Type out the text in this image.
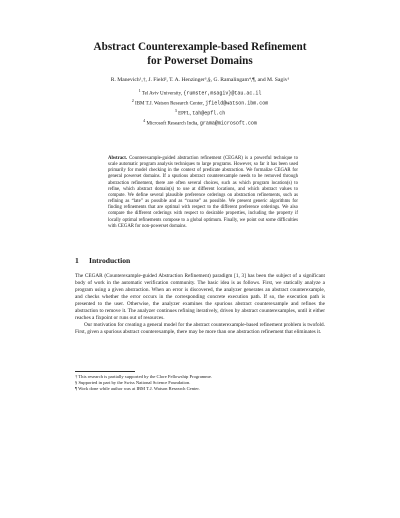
Abstract Counterexample-based Refinement
for Powerset Domains
R. Manevich¹,†, J. Field², T. A. Henzinger³,§, G. Ramalingam⁴,¶, and M. Sagiv¹
$^1$ Tel Aviv University, {rumster,msagiv}@tau.ac.il
$^2$ IBM T.J. Watson Research Center, jfield@watson.ibm.com
$^3$ EPFL, tah@epfl.ch
$^4$ Microsoft Research India, grama@microsoft.com
Abstract. Counterexample-guided abstraction refinement (CEGAR) is a powerful technique to scale automatic program analysis techniques to large programs. However, so far it has been used primarily for model checking in the context of predicate abstraction. We formalize CEGAR for general powerset domains. If a spurious abstract counterexample needs to be removed through abstraction refinement, there are often several choices, such as which program location(s) to refine, which abstract domain(s) to use at different locations, and which abstract values to compute. We define several plausible preference orderings on abstraction refinements, such as refining as “late” as possible and as “coarse” as possible. We present generic algorithms for finding refinements that are optimal with respect to the different preference orderings. We also compare the different orderings with respect to desirable properties, including the property if locally optimal refinements compose to a global optimum. Finally, we point out some difficulties with CEGAR for non-powerset domains.
1 Introduction

The CEGAR (Counterexample-guided Abstraction Refinement) paradigm [1, 3] has been the subject of a significant body of work in the automatic verification community. The basic idea is as follows. First, we statically analyze a program using a given abstraction. When an error is discovered, the analyzer generates an abstract counterexample, and checks whether the error occurs in the corresponding concrete execution path. If so, the execution path is presented to the user. Otherwise, the analyzer examines the spurious abstract counterexample and refines the abstraction to remove it. The analyzer continues refining iteratively, driven by abstract counterexamples, until it either reaches a fixpoint or runs out of resources.

Our motivation for creating a general model for the abstract counterexample-based refinement problem is twofold. First, given a spurious abstract counterexample, there may be more than one abstraction refinement that eliminates it.

† This research is partially supported by the Clore Fellowship Programme.
§ Supported in part by the Swiss National Science Foundation.
¶ Work done while author was at IBM T.J. Watson Research Center.
